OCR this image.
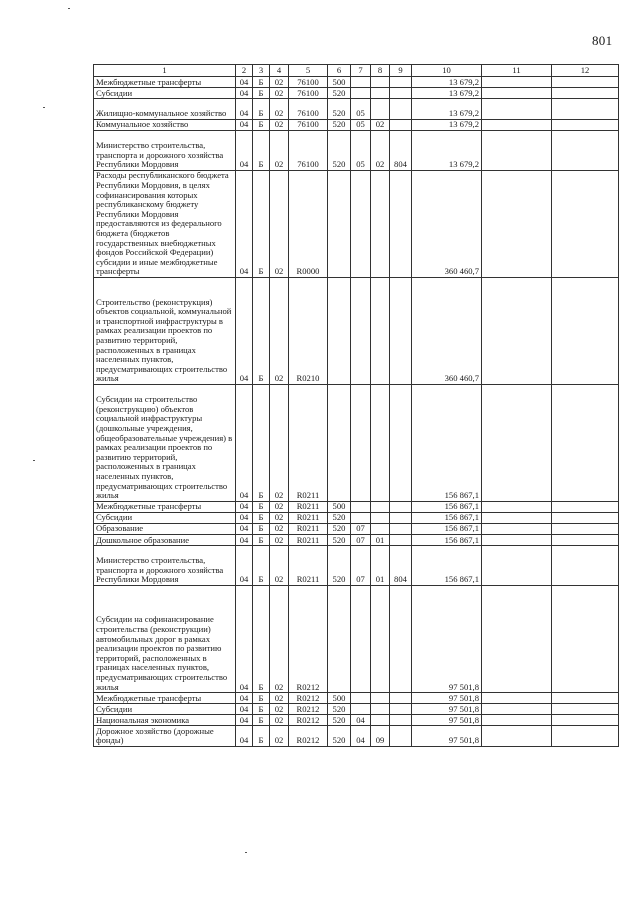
801
1	2	3	4	5	6	7	8	9	10	11	12
Межбюджетные трансферты	04	Б	02	76100	500				13 679,2		
Субсидии	04	Б	02	76100	520				13 679,2		
Жилищно-коммунальное хозяйство	04	Б	02	76100	520	05			13 679,2		
Коммунальное хозяйство	04	Б	02	76100	520	05	02		13 679,2		
Министерство строительства, транспорта и дорожного хозяйства Республики Мордовия	04	Б	02	76100	520	05	02	804	13 679,2		
Расходы республиканского бюджета Республики Мордовия, в целях софинансирования которых республиканскому бюджету Республики Мордовия предоставляются из федерального бюджета (бюджетов государственных внебюджетных фондов Российской Федерации) субсидии и иные межбюджетные трансферты	04	Б	02	R0000					360 460,7		
Строительство (реконструкция) объектов социальной, коммунальной и транспортной инфраструктуры в рамках реализации проектов по развитию территорий, расположенных в границах населенных пунктов, предусматривающих строительство жилья	04	Б	02	R0210					360 460,7		
Субсидии на строительство (реконструкцию) объектов социальной инфраструктуры (дошкольные учреждения, общеобразовательные учреждения) в рамках реализации проектов по развитию территорий, расположенных в границах населенных пунктов, предусматривающих строительство жилья	04	Б	02	R0211					156 867,1		
Межбюджетные трансферты	04	Б	02	R0211	500				156 867,1		
Субсидии	04	Б	02	R0211	520				156 867,1		
Образование	04	Б	02	R0211	520	07			156 867,1		
Дошкольное образование	04	Б	02	R0211	520	07	01		156 867,1		
Министерство строительства, транспорта и дорожного хозяйства Республики Мордовия	04	Б	02	R0211	520	07	01	804	156 867,1		
Субсидии на софинансирование строительства (реконструкции) автомобильных дорог в рамках реализации проектов по развитию территорий, расположенных в границах населенных пунктов, предусматривающих строительство жилья	04	Б	02	R0212					97 501,8		
Межбюджетные трансферты	04	Б	02	R0212	500				97 501,8		
Субсидии	04	Б	02	R0212	520				97 501,8		
Национальная экономика	04	Б	02	R0212	520	04			97 501,8		
Дорожное хозяйство (дорожные фонды)	04	Б	02	R0212	520	04	09		97 501,8		
